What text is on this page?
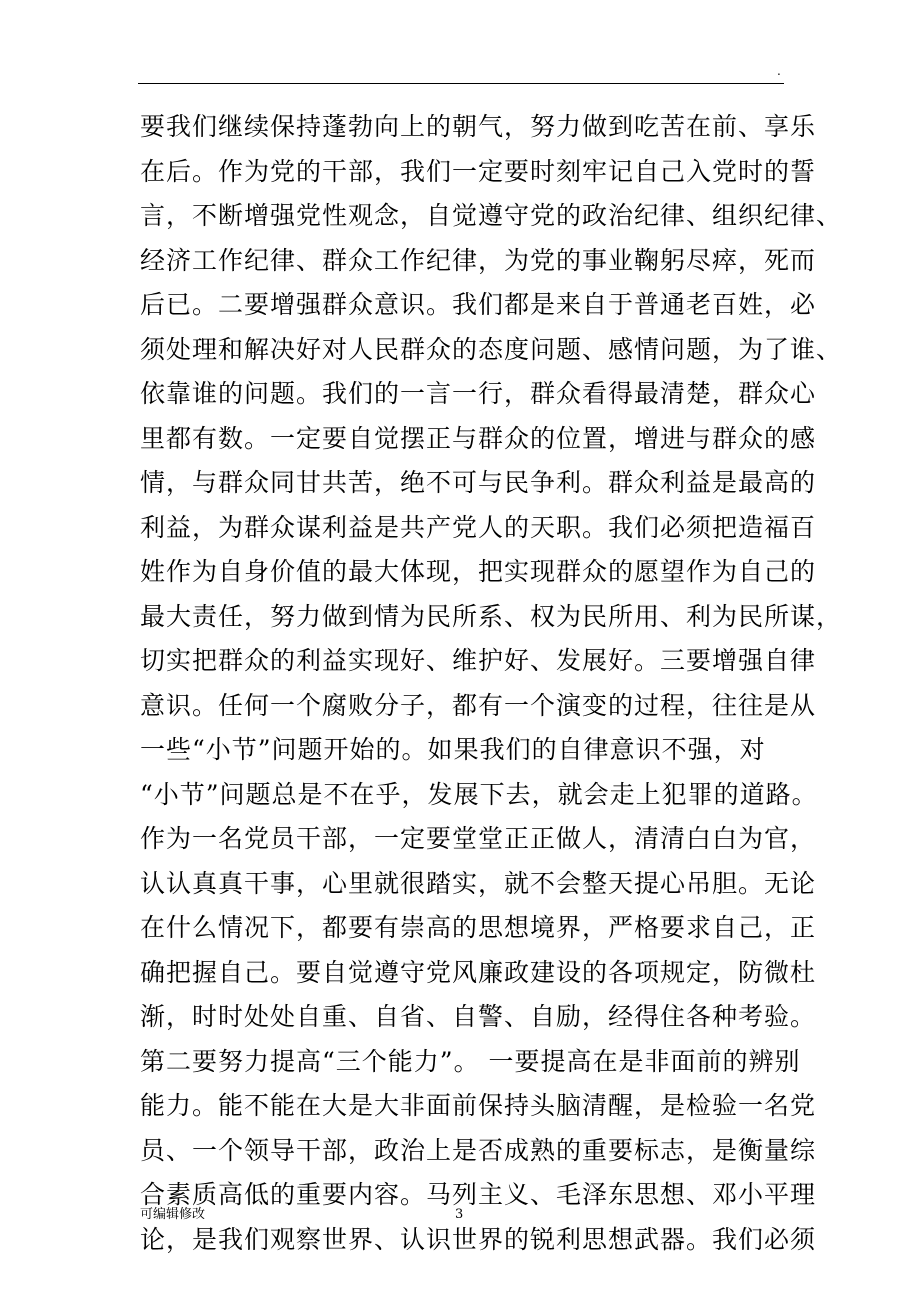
.
要我们继续保持蓬勃向上的朝气，努力做到吃苦在前、享乐
在后。作为党的干部，我们一定要时刻牢记自己入党时的誓
言，不断增强党性观念，自觉遵守党的政治纪律、组织纪律、
经济工作纪律、群众工作纪律，为党的事业鞠躬尽瘁，死而
后已。二要增强群众意识。我们都是来自于普通老百姓，必
须处理和解决好对人民群众的态度问题、感情问题，为了谁、
依靠谁的问题。我们的一言一行，群众看得最清楚，群众心
里都有数。一定要自觉摆正与群众的位置，增进与群众的感
情，与群众同甘共苦，绝不可与民争利。群众利益是最高的
利益，为群众谋利益是共产党人的天职。我们必须把造福百
姓作为自身价值的最大体现，把实现群众的愿望作为自己的
最大责任，努力做到情为民所系、权为民所用、利为民所谋，
切实把群众的利益实现好、维护好、发展好。三要增强自律
意识。任何一个腐败分子，都有一个演变的过程，往往是从
一些“小节”问题开始的。如果我们的自律意识不强，对
“小节”问题总是不在乎，发展下去，就会走上犯罪的道路。
作为一名党员干部，一定要堂堂正正做人，清清白白为官，
认认真真干事，心里就很踏实，就不会整天提心吊胆。无论
在什么情况下，都要有崇高的思想境界，严格要求自己，正
确把握自己。要自觉遵守党风廉政建设的各项规定，防微杜
渐，时时处处自重、自省、自警、自励，经得住各种考验。
第二要努力提高“三个能力”。 一要提高在是非面前的辨别
能力。能不能在大是大非面前保持头脑清醒，是检验一名党
员、一个领导干部，政治上是否成熟的重要标志，是衡量综
合素质高低的重要内容。马列主义、毛泽东思想、邓小平理
论，是我们观察世界、认识世界的锐利思想武器。我们必须
可编辑修改	3
